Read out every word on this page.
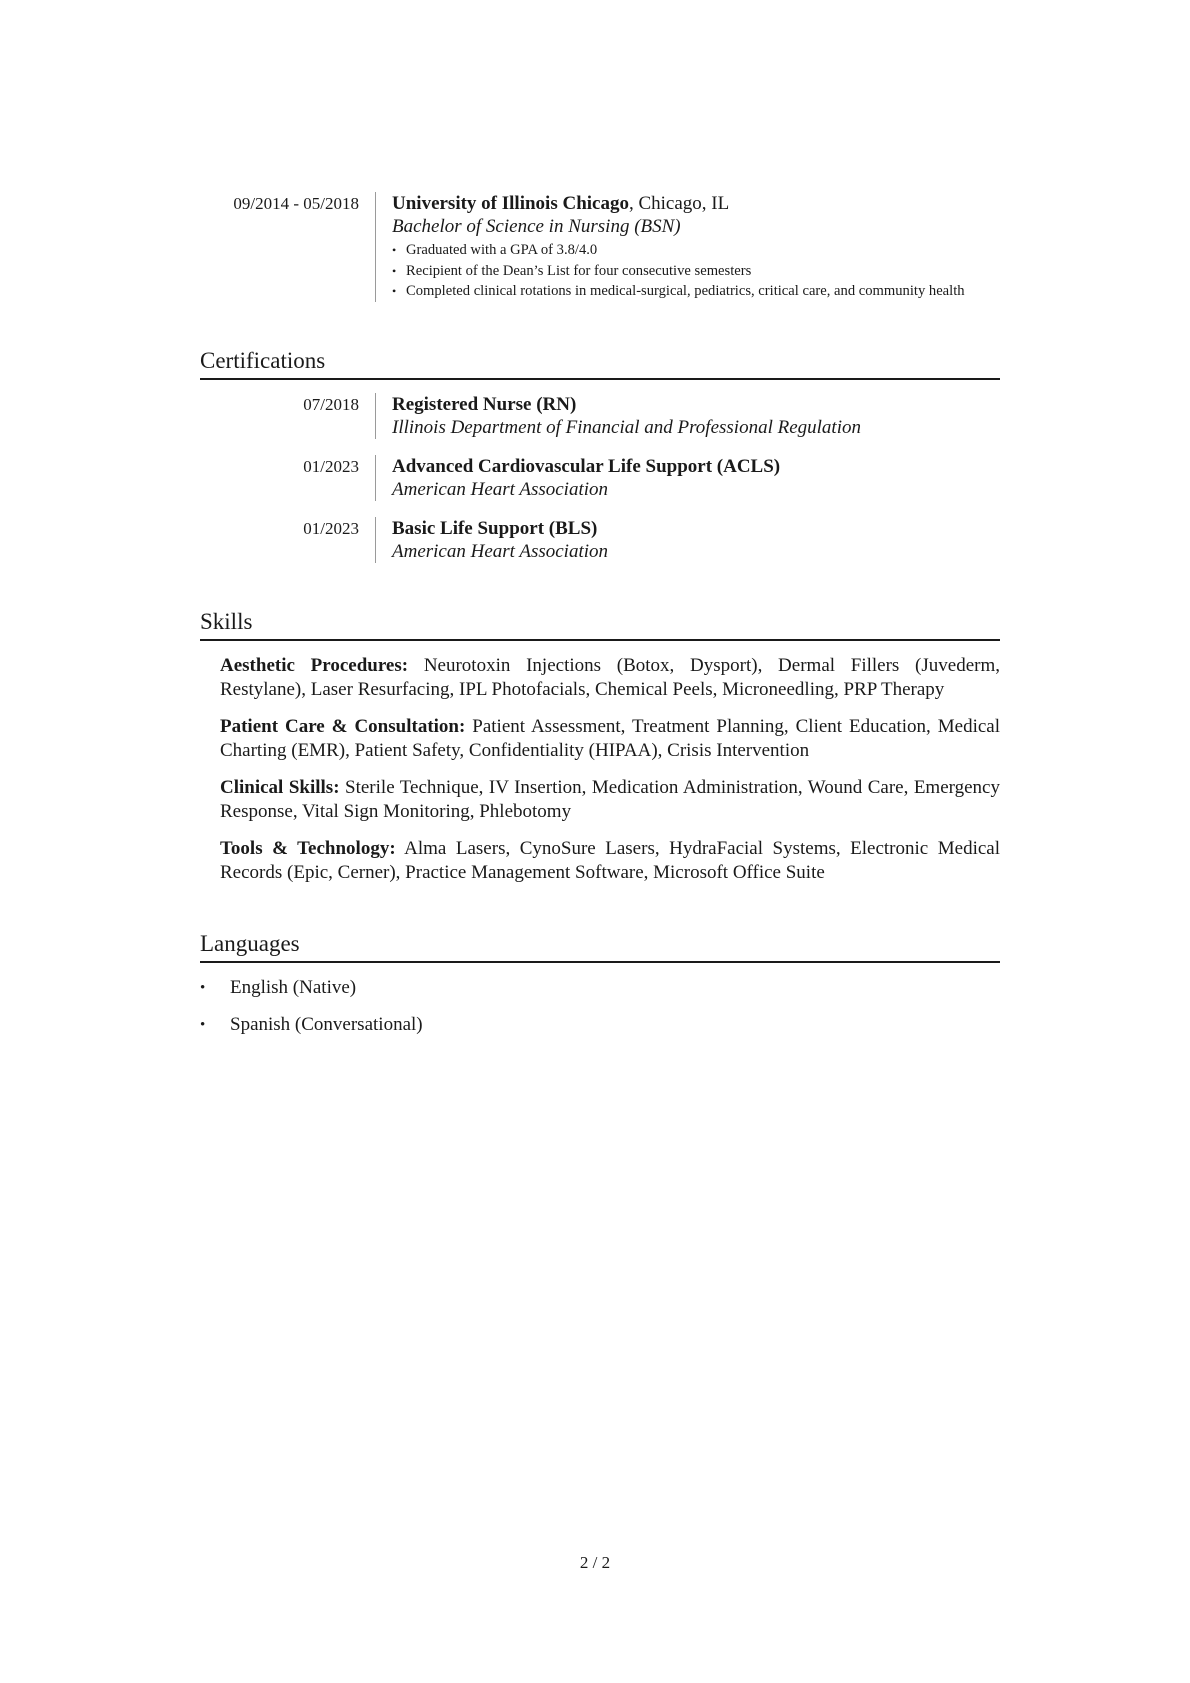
09/2014 - 05/2018	University of Illinois Chicago, Chicago, IL
Bachelor of Science in Nursing (BSN)
• Graduated with a GPA of 3.8/4.0
• Recipient of the Dean’s List for four consecutive semesters
• Completed clinical rotations in medical-surgical, pediatrics, critical care, and community health
Certifications
07/2018	Registered Nurse (RN)
Illinois Department of Financial and Professional Regulation
01/2023	Advanced Cardiovascular Life Support (ACLS)
American Heart Association
01/2023	Basic Life Support (BLS)
American Heart Association
Skills
Aesthetic Procedures: Neurotoxin Injections (Botox, Dysport), Dermal Fillers (Juvederm, Restylane), Laser Resurfacing, IPL Photofacials, Chemical Peels, Microneedling, PRP Therapy
Patient Care & Consultation: Patient Assessment, Treatment Planning, Client Education, Medical Charting (EMR), Patient Safety, Confidentiality (HIPAA), Crisis Intervention
Clinical Skills: Sterile Technique, IV Insertion, Medication Administration, Wound Care, Emergency Response, Vital Sign Monitoring, Phlebotomy
Tools & Technology: Alma Lasers, CynoSure Lasers, HydraFacial Systems, Electronic Medical Records (Epic, Cerner), Practice Management Software, Microsoft Office Suite
Languages
• English (Native)
• Spanish (Conversational)
2 / 2
